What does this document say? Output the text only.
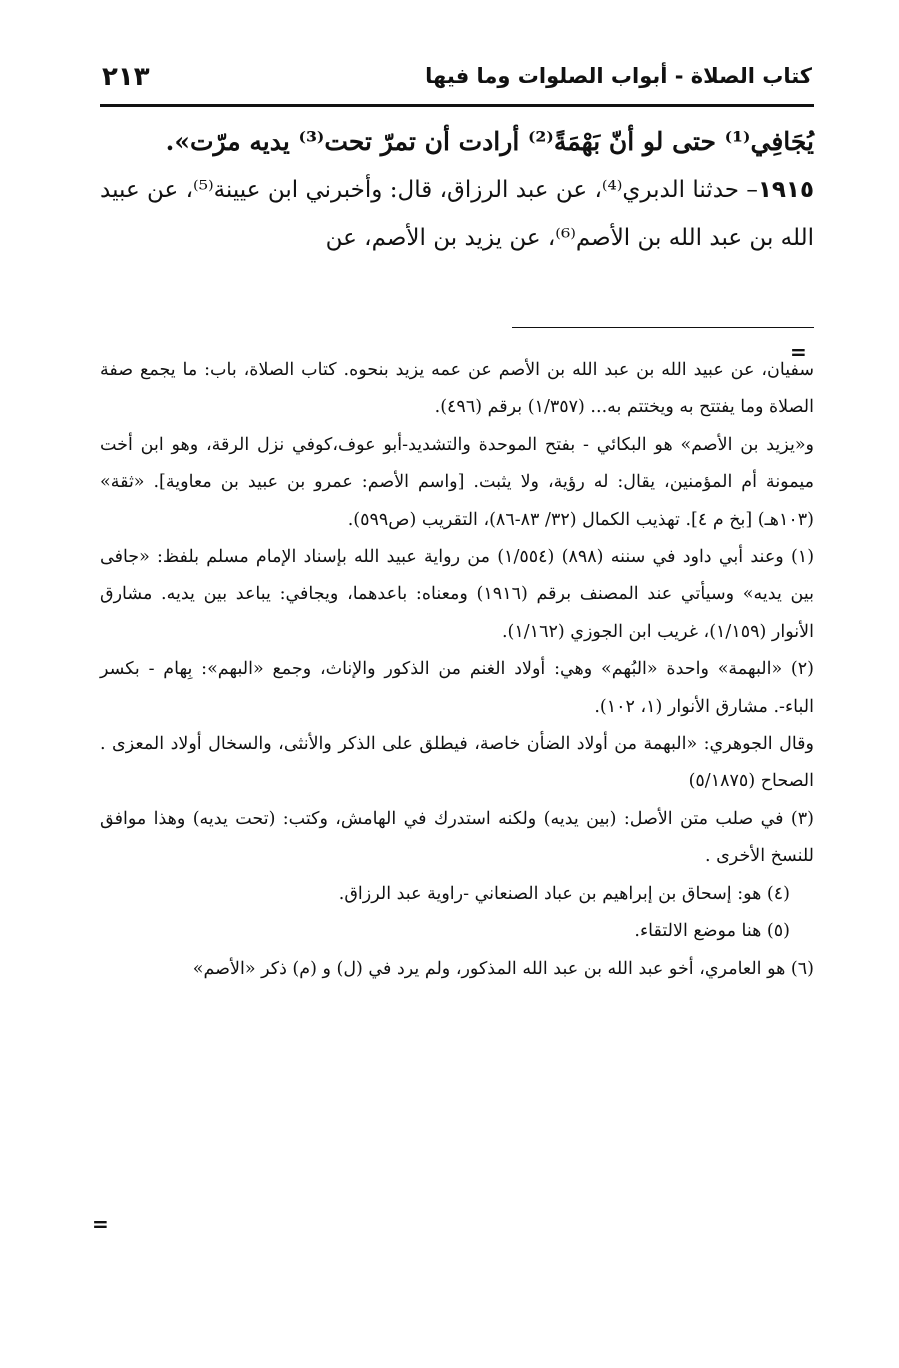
كتاب الصلاة - أبواب الصلوات وما فيها
٢١٣

يُجَافِي⁽¹⁾ حتى لو أنّ بَهْمَةً⁽²⁾ أرادت أن تمرّ تحت⁽³⁾ يديه مرّت».

١٩١٥– حدثنا الدبري⁽⁴⁾، عن عبد الرزاق، قال: وأخبرني ابن عيينة⁽⁵⁾، عن عبيد الله بن عبد الله بن الأصم⁽⁶⁾، عن يزيد بن الأصم، عن

=

سفيان، عن عبيد الله بن عبد الله بن الأصم عن عمه يزيد بنحوه. كتاب الصلاة، باب: ما يجمع صفة الصلاة وما يفتتح به ويختتم به... (١/٣٥٧) برقم (٤٩٦).

و«يزيد بن الأصم» هو البكائي - بفتح الموحدة والتشديد-أبو عوف،كوفي نزل الرقة، وهو ابن أخت ميمونة أم المؤمنين، يقال: له رؤية، ولا يثبت. [واسم الأصم: عمرو بن عبيد بن معاوية]. «ثقة» (١٠٣هـ) [بخ م ٤]. تهذيب الكمال (٣٢/ ٨٣-٨٦)، التقريب (ص٥٩٩).

(١) وعند أبي داود في سننه (٨٩٨) (١/٥٥٤) من رواية عبيد الله بإسناد الإمام مسلم بلفظ: «جافى بين يديه» وسيأتي عند المصنف برقم (١٩١٦) ومعناه: باعدهما، ويجافي: يباعد بين يديه. مشارق الأنوار (١/١٥٩)، غريب ابن الجوزي (١/١٦٢).

(٢) «البهمة» واحدة «البُهم» وهي: أولاد الغنم من الذكور والإناث، وجمع «البهم»: بِهام - بكسر الباء-. مشارق الأنوار (١، ١٠٢).

وقال الجوهري: «البهمة من أولاد الضأن خاصة، فيطلق على الذكر والأنثى، والسخال أولاد المعزى . الصحاح (٥/١٨٧٥)

(٣) في صلب متن الأصل: (بين يديه) ولكنه استدرك في الهامش، وكتب: (تحت يديه) وهذا موافق للنسخ الأخرى .

(٤) هو: إسحاق بن إبراهيم بن عباد الصنعاني -راوية عبد الرزاق.

(٥) هنا موضع الالتقاء.

(٦) هو العامري، أخو عبد الله بن عبد الله المذكور، ولم يرد في (ل) و (م) ذكر «الأصم»

=
